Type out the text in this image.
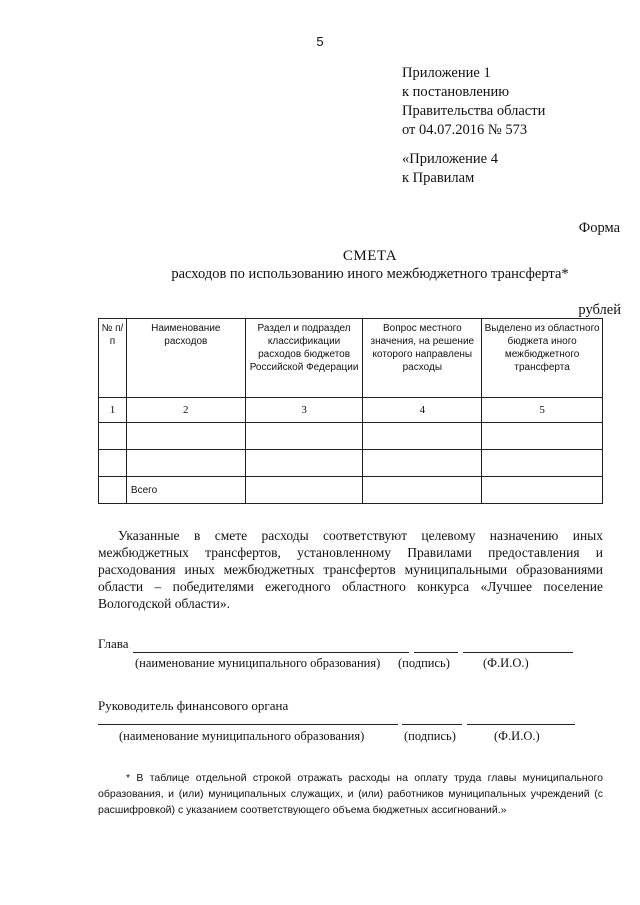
5
Приложение 1
к постановлению
Правительства области
от 04.07.2016 № 573
«Приложение 4
к Правилам
Форма
СМЕТА
расходов по использованию иного межбюджетного трансферта*
рублей
№ п/п	Наименование расходов	Раздел и подраздел классификации расходов бюджетов Российской Федерации	Вопрос местного значения, на решение которого направлены расходы	Выделено из областного бюджета иного межбюджетного трансферта
1	2	3	4	5

	Всего			
Указанные в смете расходы соответствуют целевому назначению иных межбюджетных трансфертов, установленному Правилами предоставления и расходования иных межбюджетных трансфертов муниципальными образованиями области – победителями ежегодного областного конкурса «Лучшее поселение Вологодской области».
Глава
(наименование муниципального образования) (подпись)	(Ф.И.О.)
Руководитель финансового органа
(наименование муниципального образования)	(подпись)	(Ф.И.О.)
* В таблице отдельной строкой отражать расходы на оплату труда главы муниципального образования, и (или) муниципальных служащих, и (или) работников муниципальных учреждений (с расшифровкой) с указанием соответствующего объема бюджетных ассигнований.»
